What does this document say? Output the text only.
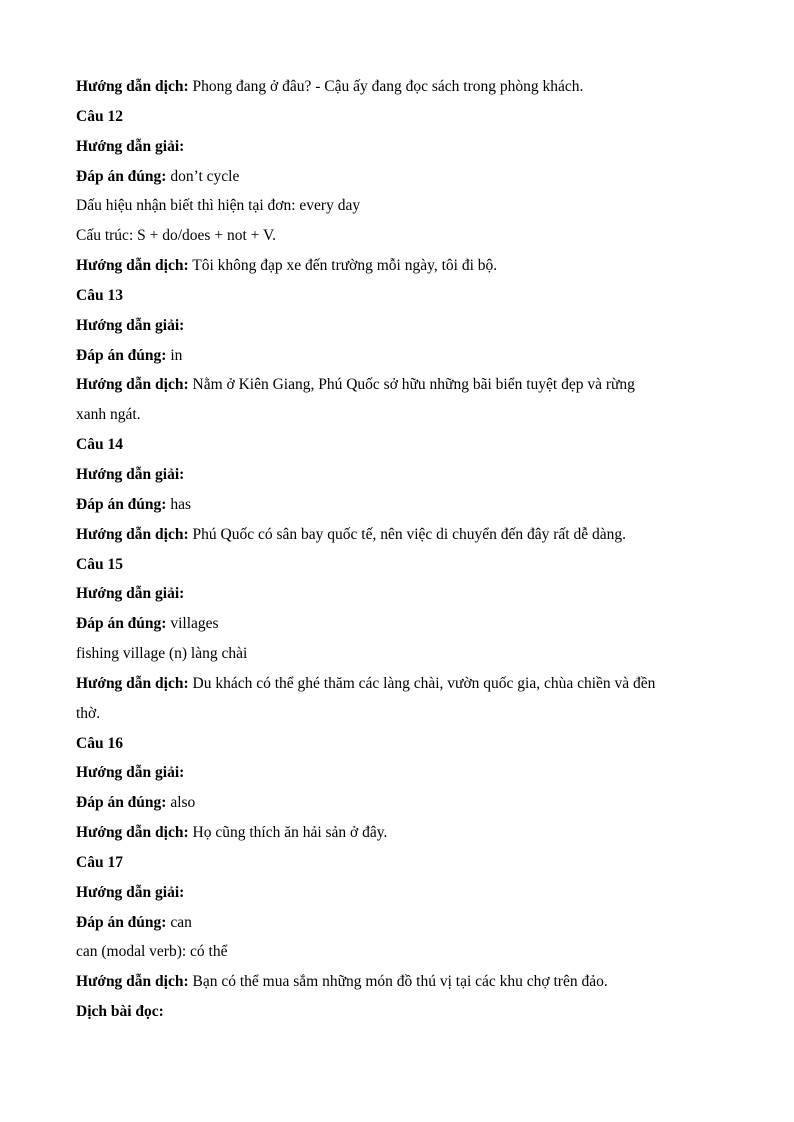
Hướng dẫn dịch: Phong đang ở đâu? - Cậu ấy đang đọc sách trong phòng khách.
Câu 12
Hướng dẫn giải:
Đáp án đúng: don’t cycle
Dấu hiệu nhận biết thì hiện tại đơn: every day
Cấu trúc: S + do/does + not + V.
Hướng dẫn dịch: Tôi không đạp xe đến trường mỗi ngày, tôi đi bộ.
Câu 13
Hướng dẫn giải:
Đáp án đúng: in
Hướng dẫn dịch: Nằm ở Kiên Giang, Phú Quốc sở hữu những bãi biển tuyệt đẹp và rừng
xanh ngát.
Câu 14
Hướng dẫn giải:
Đáp án đúng: has
Hướng dẫn dịch: Phú Quốc có sân bay quốc tế, nên việc di chuyển đến đây rất dễ dàng.
Câu 15
Hướng dẫn giải:
Đáp án đúng: villages
fishing village (n) làng chài
Hướng dẫn dịch: Du khách có thể ghé thăm các làng chài, vườn quốc gia, chùa chiền và đền
thờ.
Câu 16
Hướng dẫn giải:
Đáp án đúng: also
Hướng dẫn dịch: Họ cũng thích ăn hải sản ở đây.
Câu 17
Hướng dẫn giải:
Đáp án đúng: can
can (modal verb): có thể
Hướng dẫn dịch: Bạn có thể mua sắm những món đồ thú vị tại các khu chợ trên đảo.
Dịch bài đọc:
